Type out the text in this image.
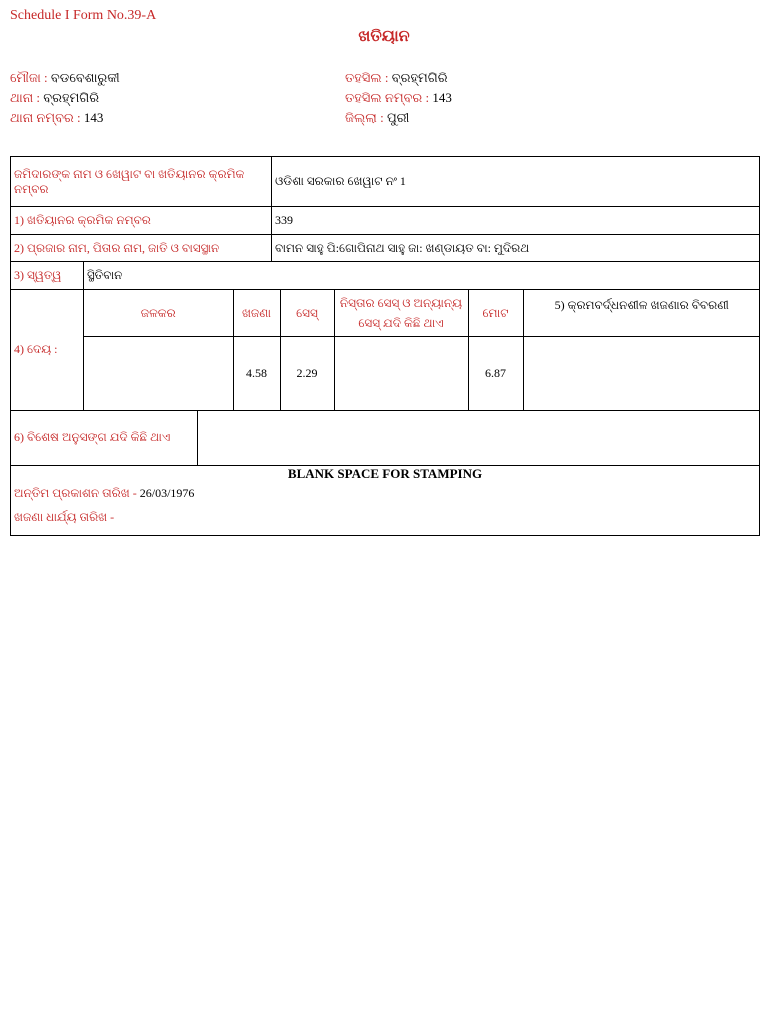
Schedule I Form No.39-A
ଖତିୟାନ
ମୌଜା : ବଡବେଶାରୁକୀ
ଥାନା : ବ୍ରହ୍ମଗିରି
ଥାନା ନମ୍ବର : 143
ତହସିଲ : ବ୍ରହ୍ମଗିରି
ତହସିଲ ନମ୍ବର : 143
ଜିଲ୍ଲା : ପୁରୀ
ଜମିଦାରଙ୍କ ନାମ ଓ ଖେୱାଟ ବା ଖତିୟାନର କ୍ରମିକ ନମ୍ବର	ଓଡିଶା ସରକାର ଖେୱାଟ ନଂ 1
1) ଖତିୟାନର କ୍ରମିକ ନମ୍ବର	339
2) ପ୍ରଜାର ନାମ, ପିତାର ନାମ, ଜାତି ଓ ବାସସ୍ଥାନ	ବାମନ ସାହୁ ପି:ଗୋପିନାଥ ସାହୁ ଜା: ଖଣ୍ଡାୟତ ବା: ମୁଦିରଥ
3) ସ୍ୱତ୍ୱ	ସ୍ଥିତିବାନ
4) ଦେୟ :	
ଜଳକର	ଖଜଣା	ସେସ୍	ନିସ୍ତାର ସେସ୍ ଓ ଅନ୍ୟାନ୍ୟ ସେସ୍ ଯଦି କିଛି ଥାଏ	ମୋଟ	5) କ୍ରମବର୍ଦ୍ଧନଶୀଳ ଖଜଣାର ବିବରଣୀ
	4.58	2.29		6.87	

6) ବିଶେଷ ଅନୁସଙ୍ଗ ଯଦି କିଛି ଥାଏ	

BLANK SPACE FOR STAMPING
ଅନ୍ତିମ ପ୍ରକାଶନ ତାରିଖ - 26/03/1976
ଖଜଣା ଧାର୍ଯ୍ୟ ତାରିଖ -
